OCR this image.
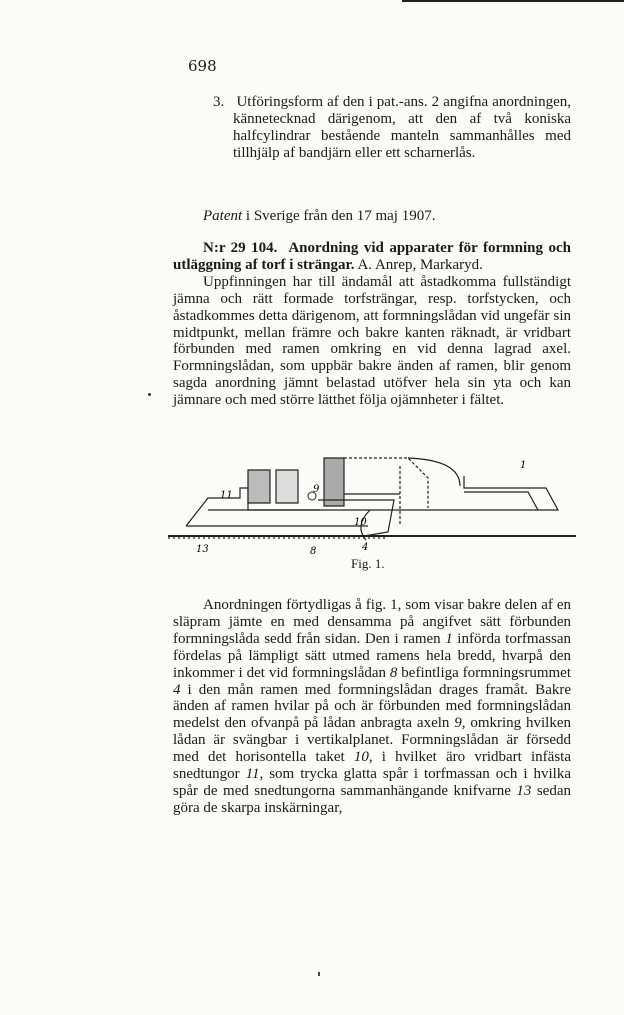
698
3. Utföringsform af den i pat.-ans. 2 angifna anordningen, kännetecknad därigenom, att den af två koniska halfcylindrar bestående manteln sammanhålles med tillhjälp af bandjärn eller ett scharnerlås.
Patent i Sverige från den 17 maj 1907.
N:r 29 104. Anordning vid apparater för formning och utläggning af torf i strängar. A. Anrep, Markaryd.
Uppfinningen har till ändamål att åstadkomma fullständigt jämna och rätt formade torfsträngar, resp. torfstycken, och åstadkommes detta därigenom, att formningslådan vid ungefär sin midtpunkt, mellan främre och bakre kanten räknadt, är vridbart förbunden med ramen omkring en vid denna lagrad axel. Formningslådan, som uppbär bakre änden af ramen, blir genom sagda anordning jämnt belastad utöfver hela sin yta och kan jämnare och med större lätthet följa ojämnheter i fältet.
11
9
10
1
13	8	4
Fig. 1.
Anordningen förtydligas å fig. 1, som visar bakre delen af en släpram jämte en med densamma på angifvet sätt förbunden formningslåda sedd från sidan. Den i ramen 1 införda torfmassan fördelas på lämpligt sätt utmed ramens hela bredd, hvarpå den inkommer i det vid formningslådan 8 befintliga formningsrummet 4 i den mån ramen med formningslådan drages framåt. Bakre änden af ramen hvilar på och är förbunden med formningslådan medelst den ofvanpå på lådan anbragta axeln 9, omkring hvilken lådan är svängbar i vertikalplanet. Formningslådan är försedd med det horisontella taket 10, i hvilket äro vridbart infästa snedtungor 11, som trycka glatta spår i torfmassan och i hvilka spår de med snedtungorna sammanhängande knifvarne 13 sedan göra de skarpa inskärningar,
